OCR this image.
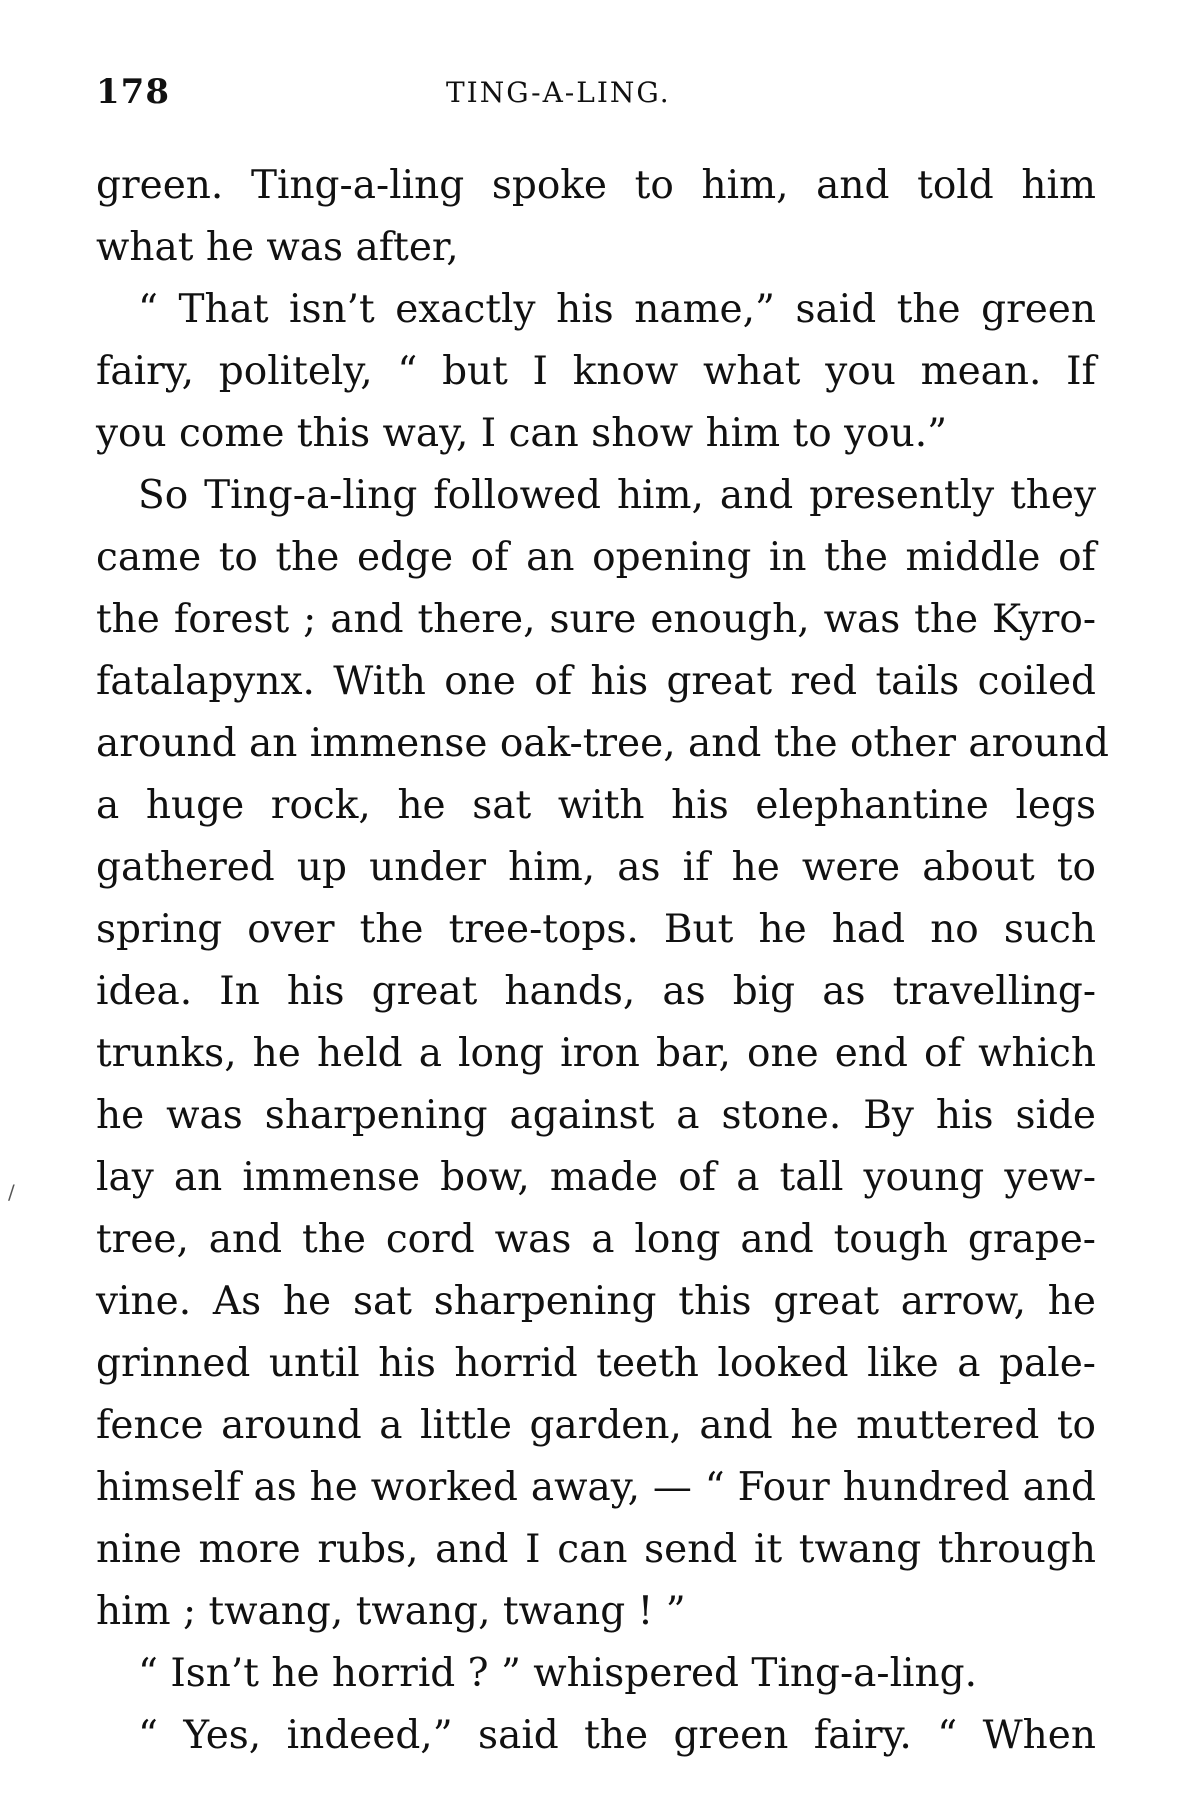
178	TING-A-LING.

green. Ting-a-ling spoke to him, and told him

what he was after,

“ That isn’t exactly his name,” said the green

fairy, politely, “ but I know what you mean. If

you come this way, I can show him to you.”

So Ting-a-ling followed him, and presently they

came to the edge of an opening in the middle of

the forest ; and there, sure enough, was the Kyro-

fatalapynx. With one of his great red tails coiled

around an immense oak-tree, and the other around

a huge rock, he sat with his elephantine legs

gathered up under him, as if he were about to

spring over the tree-tops. But he had no such

idea. In his great hands, as big as travelling-

trunks, he held a long iron bar, one end of which

he was sharpening against a stone. By his side

lay an immense bow, made of a tall young yew-

tree, and the cord was a long and tough grape-

vine. As he sat sharpening this great arrow, he

grinned until his horrid teeth looked like a pale-

fence around a little garden, and he muttered to

himself as he worked away, — “ Four hundred and

nine more rubs, and I can send it twang through

him ; twang, twang, twang ! ”

“ Isn’t he horrid ? ” whispered Ting-a-ling.

“ Yes, indeed,” said the green fairy. “ When

/
